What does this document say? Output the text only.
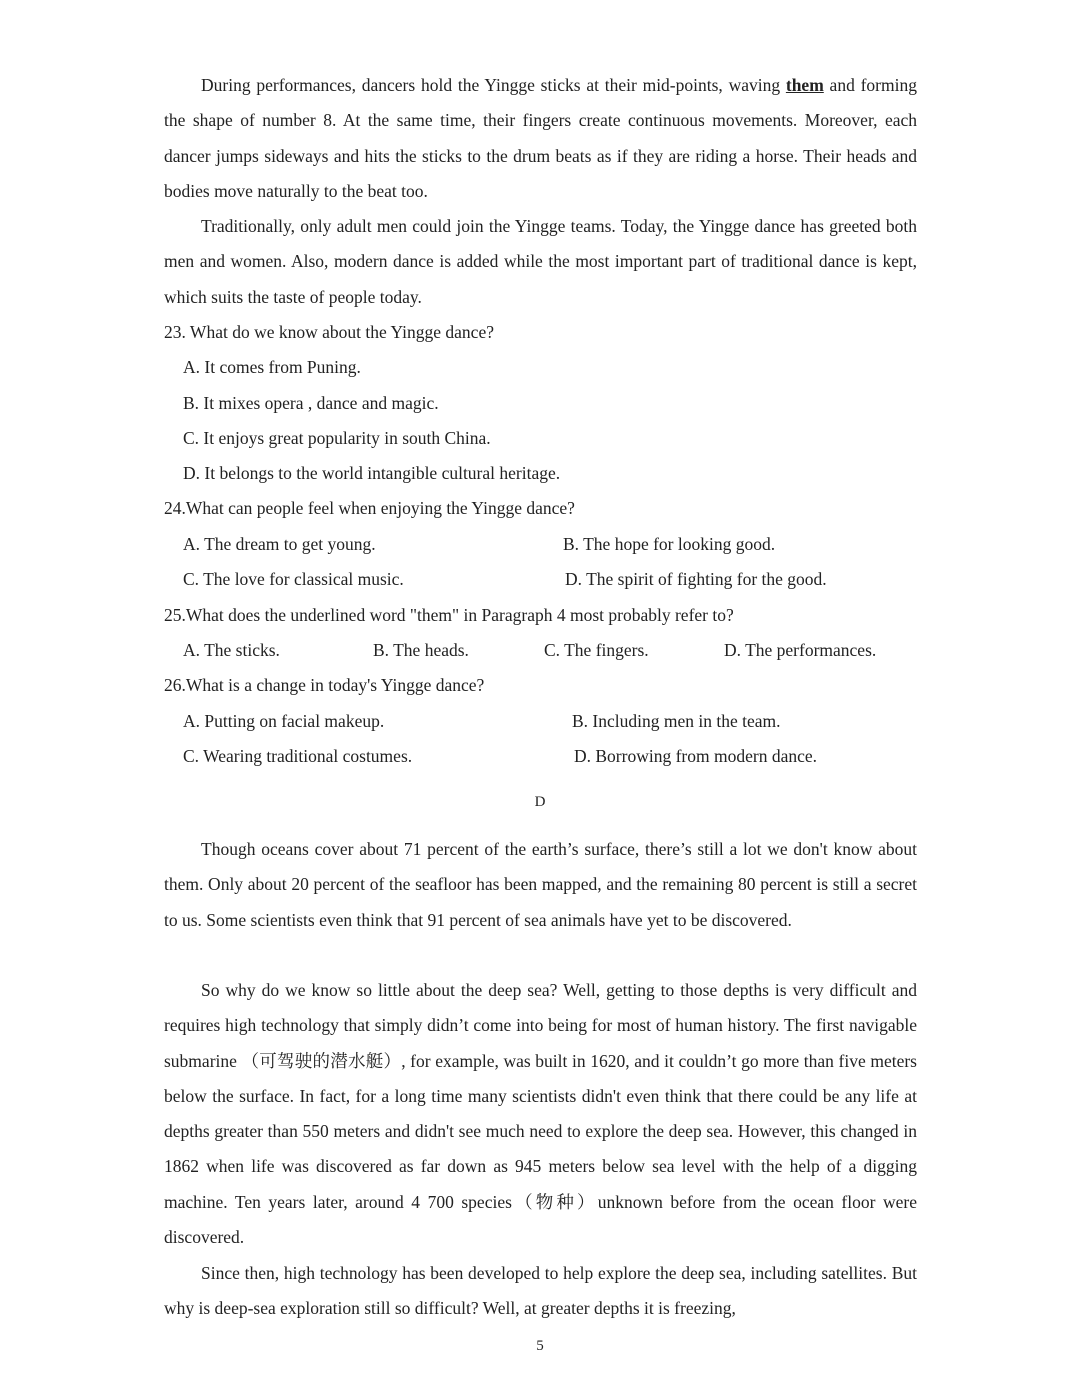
During performances, dancers hold the Yingge sticks at their mid-points, waving them and forming the shape of number 8. At the same time, their fingers create continuous movements. Moreover, each dancer jumps sideways and hits the sticks to the drum beats as if they are riding a horse. Their heads and bodies move naturally to the beat too.

Traditionally, only adult men could join the Yingge teams. Today, the Yingge dance has greeted both men and women. Also, modern dance is added while the most important part of traditional dance is kept, which suits the taste of people today.

23. What do we know about the Yingge dance?
A. It comes from Puning.
B. It mixes opera , dance and magic.
C. It enjoys great popularity in south China.
D. It belongs to the world intangible cultural heritage.
24.What can people feel when enjoying the Yingge dance?
A. The dream to get young.	B. The hope for looking good.
C. The love for classical music.	D. The spirit of fighting for the good.
25.What does the underlined word "them" in Paragraph 4 most probably refer to?
A. The sticks.	B. The heads.	C. The fingers.	D. The performances.
26.What is a change in today's Yingge dance?
A. Putting on facial makeup.	B. Including men in the team.
C. Wearing traditional costumes.	D. Borrowing from modern dance.
D

Though oceans cover about 71 percent of the earth’s surface, there’s still a lot we don't know about them. Only about 20 percent of the seafloor has been mapped, and the remaining 80 percent is still a secret to us. Some scientists even think that 91 percent of sea animals have yet to be discovered.

So why do we know so little about the deep sea? Well, getting to those depths is very difficult and requires high technology that simply didn’t come into being for most of human history. The first navigable submarine （可驾驶的潜水艇）, for example, was built in 1620, and it couldn’t go more than five meters below the surface. In fact, for a long time many scientists didn't even think that there could be any life at depths greater than 550 meters and didn't see much need to explore the deep sea. However, this changed in 1862 when life was discovered as far down as 945 meters below sea level with the help of a digging machine. Ten years later, around 4 700 species（物种）unknown before from the ocean floor were discovered.

Since then, high technology has been developed to help explore the deep sea, including satellites. But why is deep-sea exploration still so difficult? Well, at greater depths it is freezing,

5
